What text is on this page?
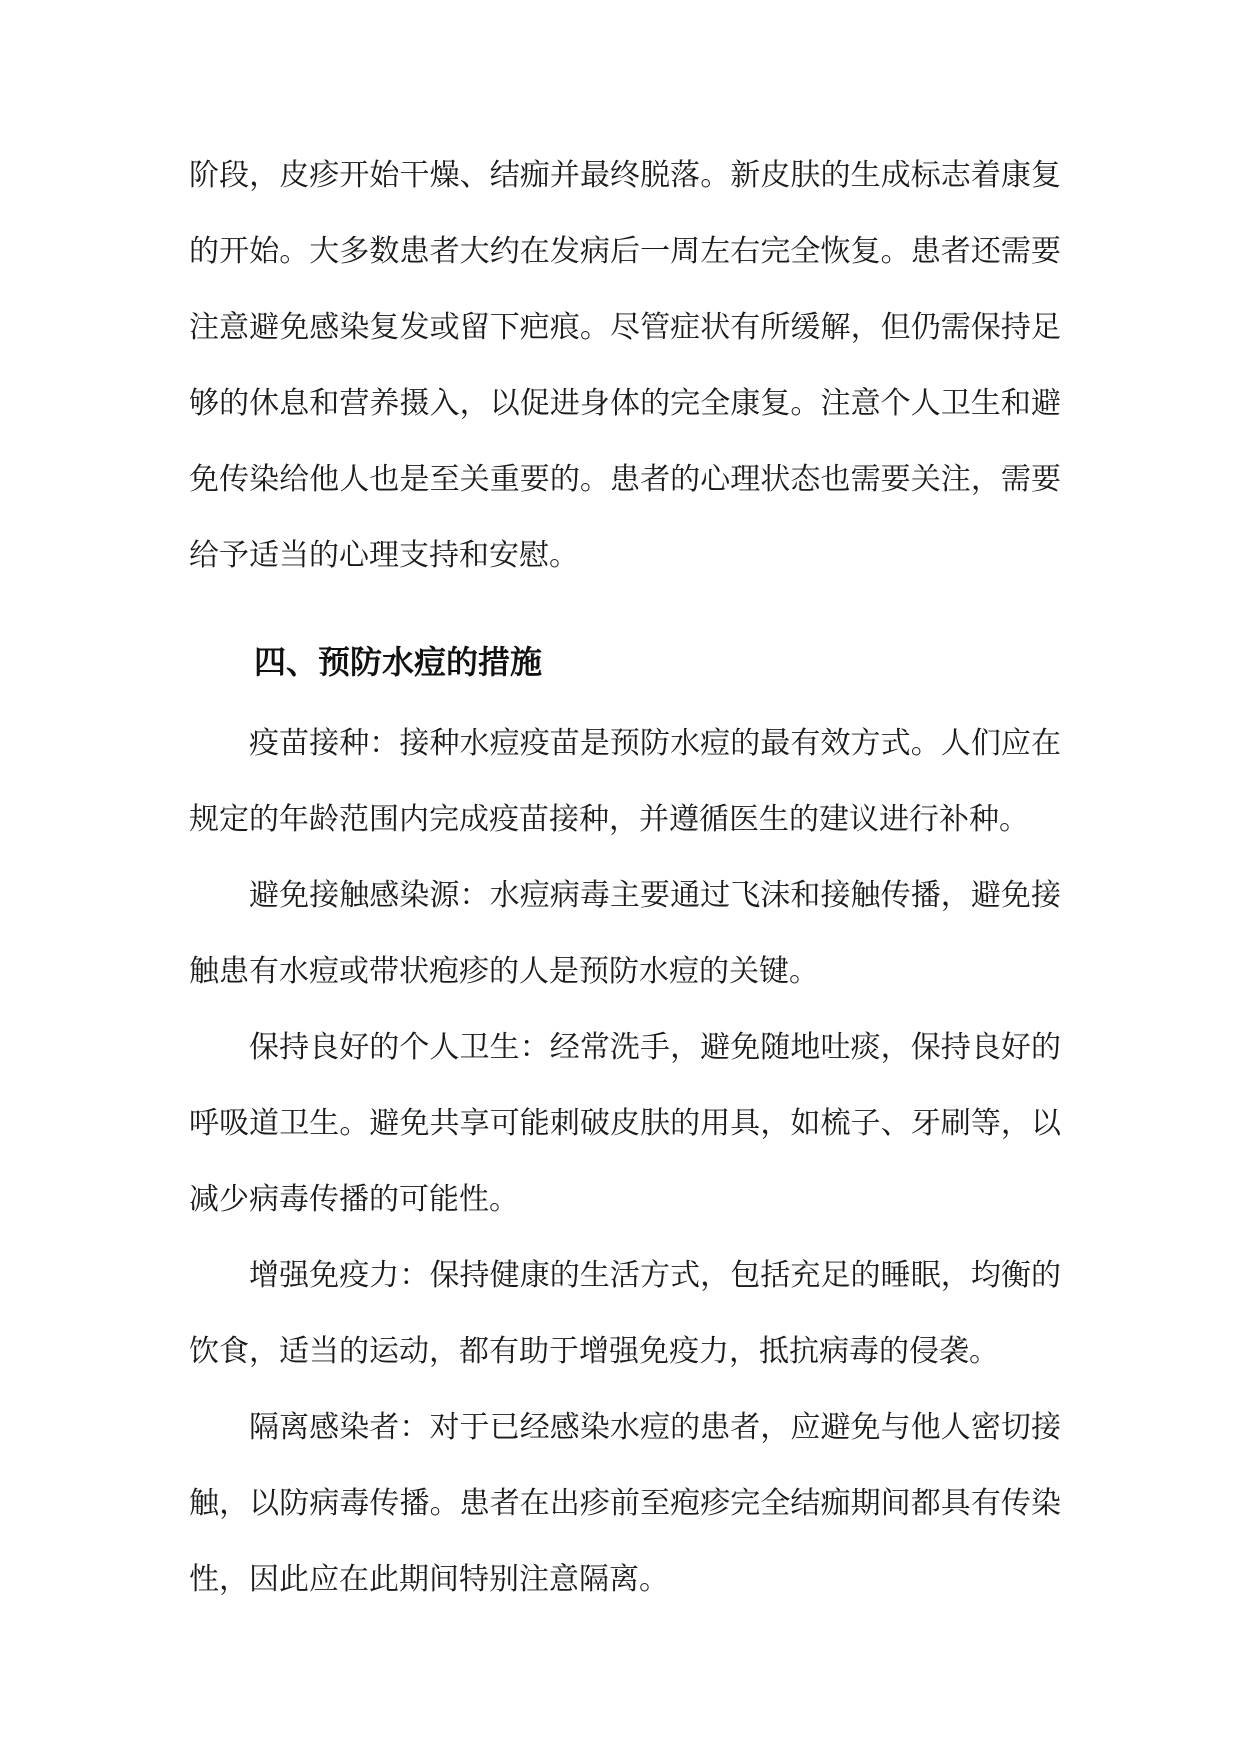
阶段，皮疹开始干燥、结痂并最终脱落。新皮肤的生成标志着康复的开始。大多数患者大约在发病后一周左右完全恢复。患者还需要注意避免感染复发或留下疤痕。尽管症状有所缓解，但仍需保持足够的休息和营养摄入，以促进身体的完全康复。注意个人卫生和避免传染给他人也是至关重要的。患者的心理状态也需要关注，需要给予适当的心理支持和安慰。

四、预防水痘的措施

疫苗接种：接种水痘疫苗是预防水痘的最有效方式。人们应在规定的年龄范围内完成疫苗接种，并遵循医生的建议进行补种。

避免接触感染源：水痘病毒主要通过飞沫和接触传播，避免接触患有水痘或带状疱疹的人是预防水痘的关键。

保持良好的个人卫生：经常洗手，避免随地吐痰，保持良好的呼吸道卫生。避免共享可能刺破皮肤的用具，如梳子、牙刷等，以减少病毒传播的可能性。

增强免疫力：保持健康的生活方式，包括充足的睡眠，均衡的饮食，适当的运动，都有助于增强免疫力，抵抗病毒的侵袭。

隔离感染者：对于已经感染水痘的患者，应避免与他人密切接触，以防病毒传播。患者在出疹前至疱疹完全结痂期间都具有传染性，因此应在此期间特别注意隔离。
